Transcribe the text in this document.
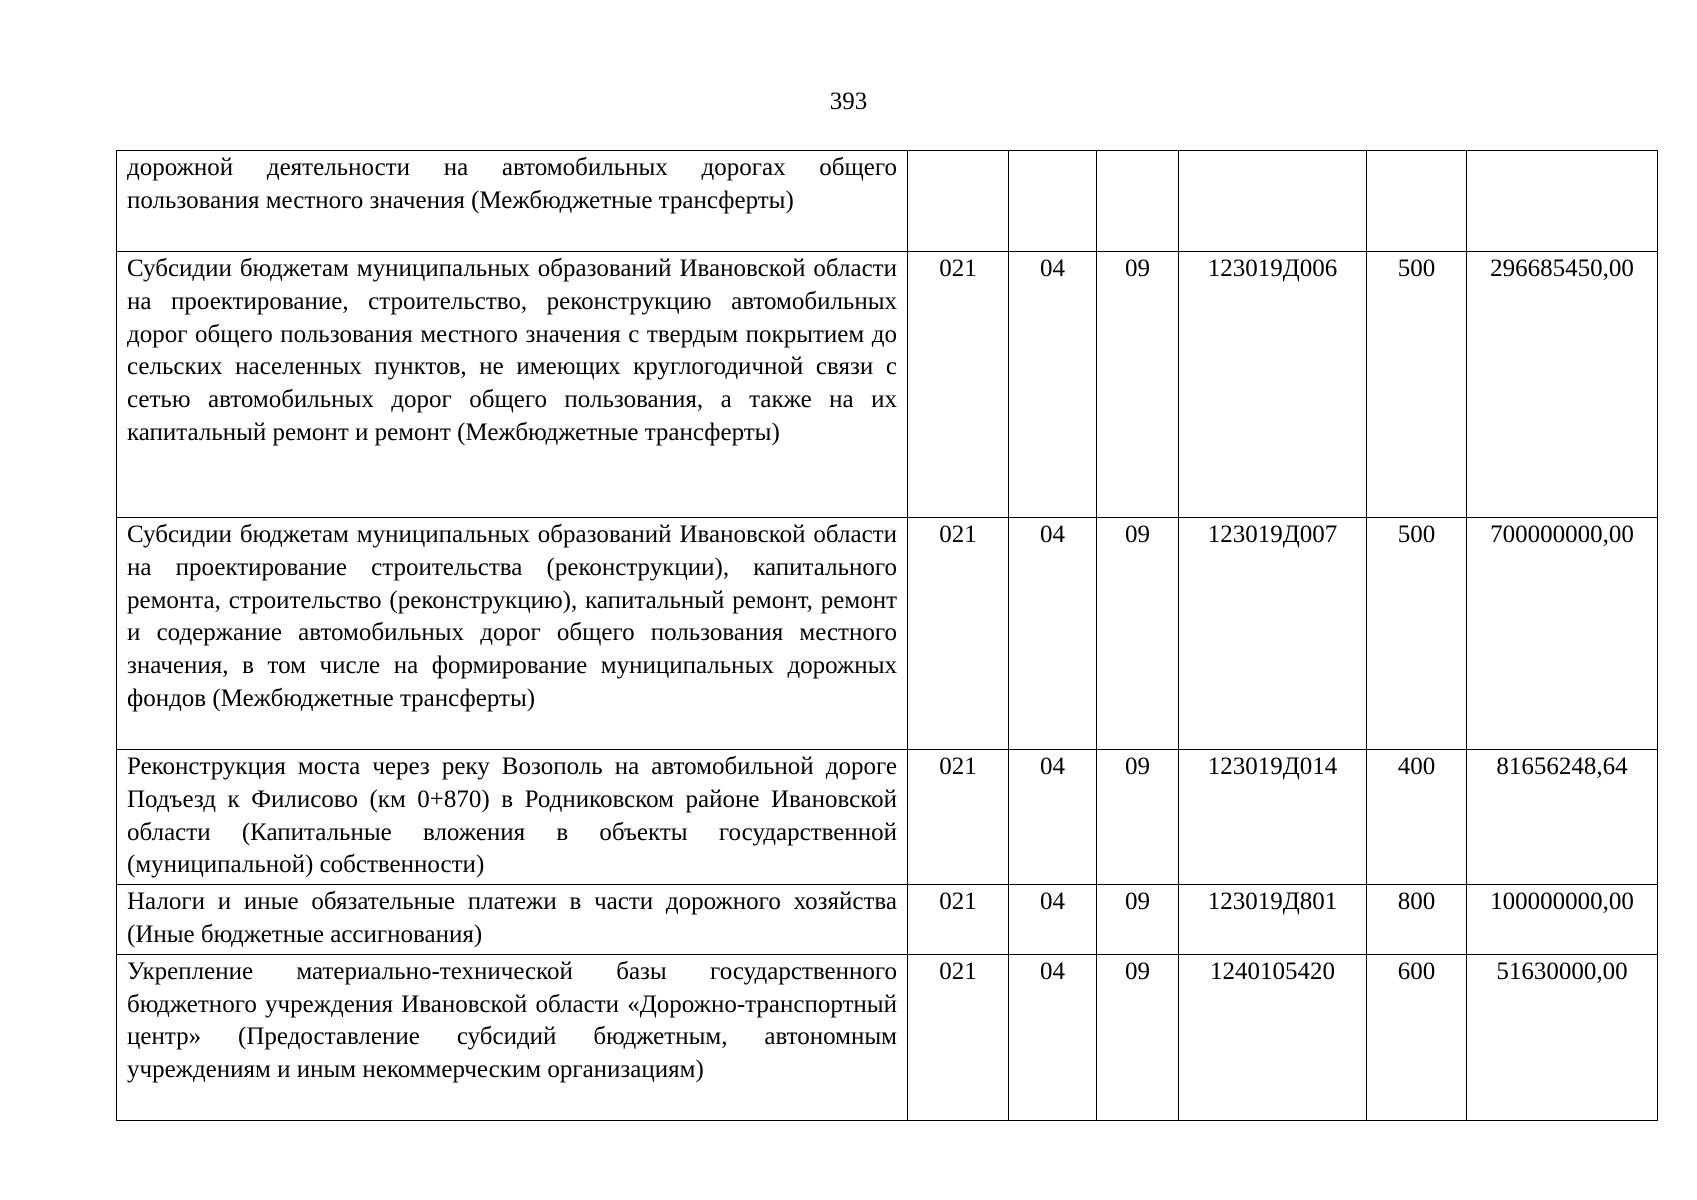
393
дорожной деятельности на автомобильных дорогах общего пользования местного значения (Межбюджетные трансферты)						
Субсидии бюджетам муниципальных образований Ивановской области на проектирование, строительство, реконструкцию автомобильных дорог общего пользования местного значения с твердым покрытием до сельских населенных пунктов, не имеющих круглогодичной связи с сетью автомобильных дорог общего пользования, а также на их капитальный ремонт и ремонт (Межбюджетные трансферты)	021	04	09	123019Д006	500	296685450,00
Субсидии бюджетам муниципальных образований Ивановской области на проектирование строительства (реконструкции), капитального ремонта, строительство (реконструкцию), капитальный ремонт, ремонт и содержание автомобильных дорог общего пользования местного значения, в том числе на формирование муниципальных дорожных фондов (Межбюджетные трансферты)	021	04	09	123019Д007	500	700000000,00
Реконструкция моста через реку Возополь на автомобильной дороге Подъезд к Филисово (км 0+870) в Родниковском районе Ивановской области (Капитальные вложения в объекты государственной (муниципальной) собственности)	021	04	09	123019Д014	400	81656248,64
Налоги и иные обязательные платежи в части дорожного хозяйства (Иные бюджетные ассигнования)	021	04	09	123019Д801	800	100000000,00
Укрепление материально-технической базы государственного бюджетного учреждения Ивановской области «Дорожно-транспортный центр» (Предоставление субсидий бюджетным, автономным учреждениям и иным некоммерческим организациям)	021	04	09	1240105420	600	51630000,00
